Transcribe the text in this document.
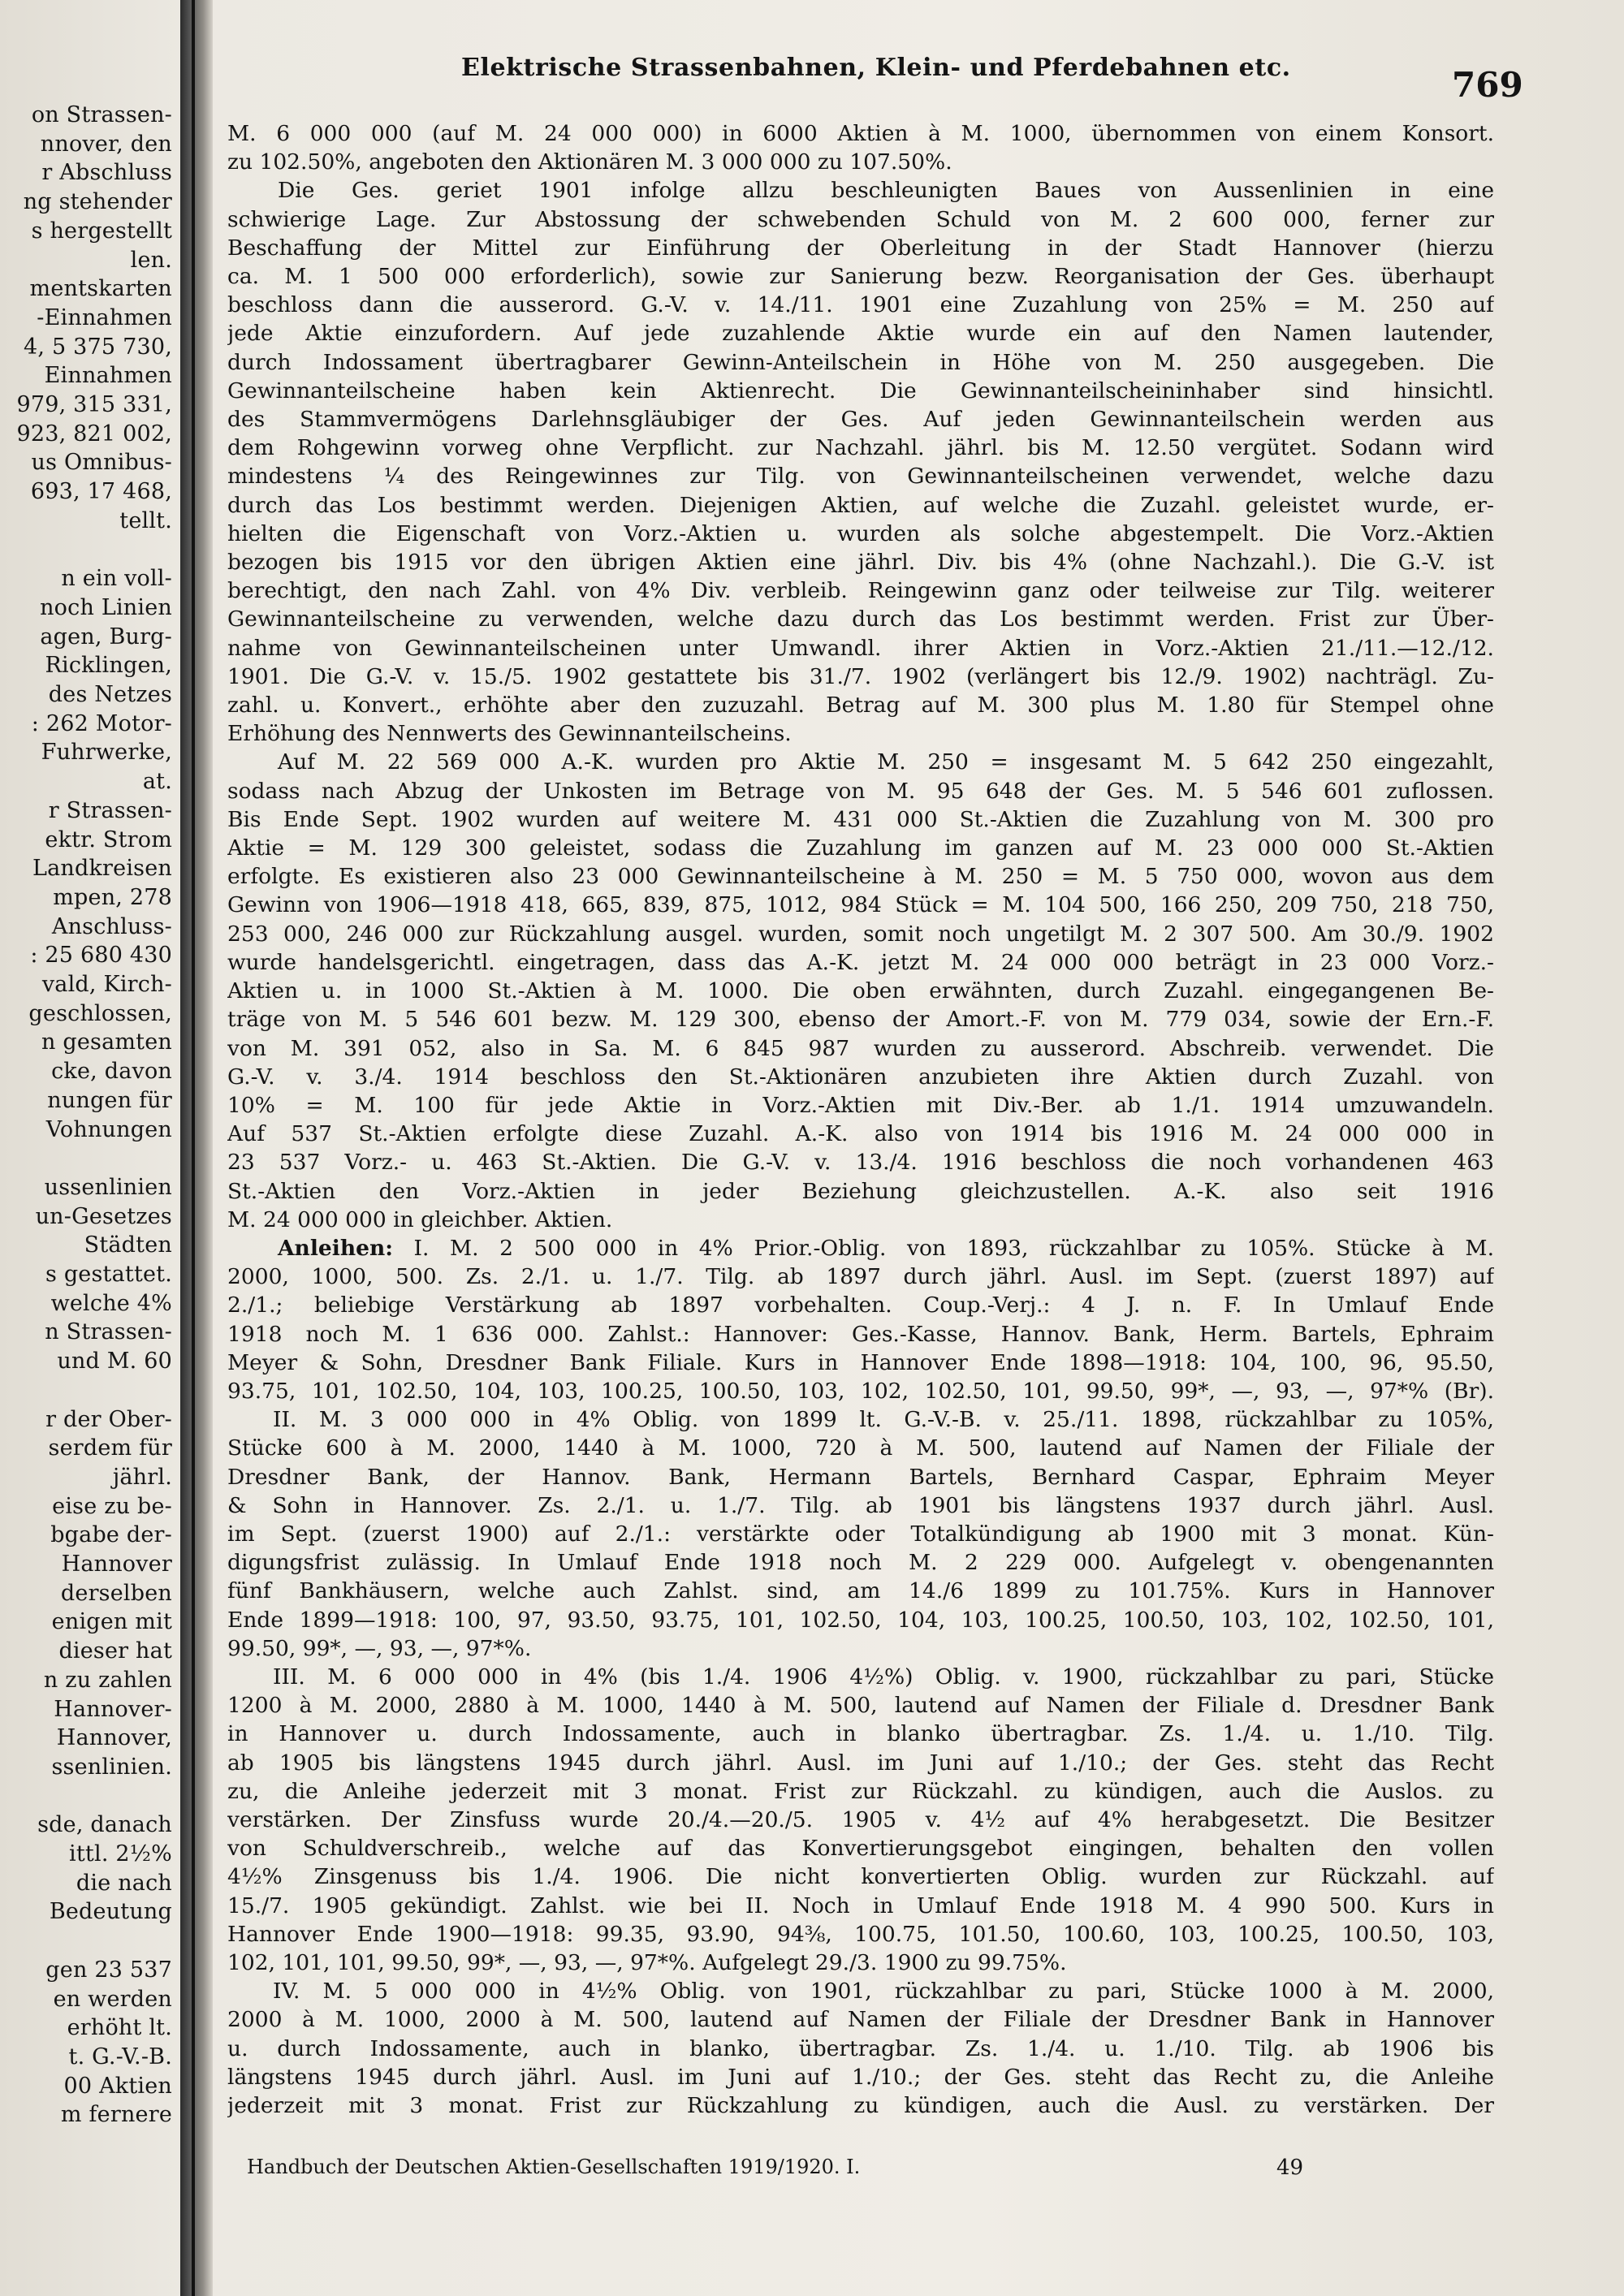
on Strassen-
nnover, den
r Abschluss
ng stehender
s hergestellt
len.
mentskarten
-Einnahmen
4, 5 375 730,
Einnahmen
979, 315 331,
923, 821 002,
us Omnibus-
693, 17 468,
tellt.
n ein voll-
noch Linien
agen, Burg-
Ricklingen,
des Netzes
: 262 Motor-
Fuhrwerke,
at.
r Strassen-
ektr. Strom
Landkreisen
mpen, 278
Anschluss-
: 25 680 430
vald, Kirch-
geschlossen,
n gesamten
cke, davon
nungen für
Vohnungen
ussenlinien
un-Gesetzes
Städten
s gestattet.
welche 4%
n Strassen-
und M. 60
r der Ober-
serdem für
jährl.
eise zu be-
bgabe der-
Hannover
derselben
enigen mit
dieser hat
n zu zahlen
Hannover-
Hannover,
ssenlinien.
sde, danach
ittl. 2½%
die nach
Bedeutung
gen 23 537
en werden
erhöht lt.
t. G.-V.-B.
00 Aktien
m fernere
Elektrische Strassenbahnen, Klein- und Pferdebahnen etc.	769
M. 6 000 000 (auf M. 24 000 000) in 6000 Aktien à M. 1000, übernommen von einem Konsort.
zu 102.50%, angeboten den Aktionären M. 3 000 000 zu 107.50%.
Die Ges. geriet 1901 infolge allzu beschleunigten Baues von Aussenlinien in eine
schwierige Lage. Zur Abstossung der schwebenden Schuld von M. 2 600 000, ferner zur
Beschaffung der Mittel zur Einführung der Oberleitung in der Stadt Hannover (hierzu
ca. M. 1 500 000 erforderlich), sowie zur Sanierung bezw. Reorganisation der Ges. überhaupt
beschloss dann die ausserord. G.-V. v. 14./11. 1901 eine Zuzahlung von 25% = M. 250 auf
jede Aktie einzufordern. Auf jede zuzahlende Aktie wurde ein auf den Namen lautender,
durch Indossament übertragbarer Gewinn-Anteilschein in Höhe von M. 250 ausgegeben. Die
Gewinnanteilscheine haben kein Aktienrecht. Die Gewinnanteilscheininhaber sind hinsichtl.
des Stammvermögens Darlehnsgläubiger der Ges. Auf jeden Gewinnanteilschein werden aus
dem Rohgewinn vorweg ohne Verpflicht. zur Nachzahl. jährl. bis M. 12.50 vergütet. Sodann wird
mindestens ¼ des Reingewinnes zur Tilg. von Gewinnanteilscheinen verwendet, welche dazu
durch das Los bestimmt werden. Diejenigen Aktien, auf welche die Zuzahl. geleistet wurde, er-
hielten die Eigenschaft von Vorz.-Aktien u. wurden als solche abgestempelt. Die Vorz.-Aktien
bezogen bis 1915 vor den übrigen Aktien eine jährl. Div. bis 4% (ohne Nachzahl.). Die G.-V. ist
berechtigt, den nach Zahl. von 4% Div. verbleib. Reingewinn ganz oder teilweise zur Tilg. weiterer
Gewinnanteilscheine zu verwenden, welche dazu durch das Los bestimmt werden. Frist zur Über-
nahme von Gewinnanteilscheinen unter Umwandl. ihrer Aktien in Vorz.-Aktien 21./11.—12./12.
1901. Die G.-V. v. 15./5. 1902 gestattete bis 31./7. 1902 (verlängert bis 12./9. 1902) nachträgl. Zu-
zahl. u. Konvert., erhöhte aber den zuzuzahl. Betrag auf M. 300 plus M. 1.80 für Stempel ohne
Erhöhung des Nennwerts des Gewinnanteilscheins.
Auf M. 22 569 000 A.-K. wurden pro Aktie M. 250 = insgesamt M. 5 642 250 eingezahlt,
sodass nach Abzug der Unkosten im Betrage von M. 95 648 der Ges. M. 5 546 601 zuflossen.
Bis Ende Sept. 1902 wurden auf weitere M. 431 000 St.-Aktien die Zuzahlung von M. 300 pro
Aktie = M. 129 300 geleistet, sodass die Zuzahlung im ganzen auf M. 23 000 000 St.-Aktien
erfolgte. Es existieren also 23 000 Gewinnanteilscheine à M. 250 = M. 5 750 000, wovon aus dem
Gewinn von 1906—1918 418, 665, 839, 875, 1012, 984 Stück = M. 104 500, 166 250, 209 750, 218 750,
253 000, 246 000 zur Rückzahlung ausgel. wurden, somit noch ungetilgt M. 2 307 500. Am 30./9. 1902
wurde handelsgerichtl. eingetragen, dass das A.-K. jetzt M. 24 000 000 beträgt in 23 000 Vorz.-
Aktien u. in 1000 St.-Aktien à M. 1000. Die oben erwähnten, durch Zuzahl. eingegangenen Be-
träge von M. 5 546 601 bezw. M. 129 300, ebenso der Amort.-F. von M. 779 034, sowie der Ern.-F.
von M. 391 052, also in Sa. M. 6 845 987 wurden zu ausserord. Abschreib. verwendet. Die
G.-V. v. 3./4. 1914 beschloss den St.-Aktionären anzubieten ihre Aktien durch Zuzahl. von
10% = M. 100 für jede Aktie in Vorz.-Aktien mit Div.-Ber. ab 1./1. 1914 umzuwandeln.
Auf 537 St.-Aktien erfolgte diese Zuzahl. A.-K. also von 1914 bis 1916 M. 24 000 000 in
23 537 Vorz.- u. 463 St.-Aktien. Die G.-V. v. 13./4. 1916 beschloss die noch vorhandenen 463
St.-Aktien den Vorz.-Aktien in jeder Beziehung gleichzustellen. A.-K. also seit 1916
M. 24 000 000 in gleichber. Aktien.
Anleihen: I. M. 2 500 000 in 4% Prior.-Oblig. von 1893, rückzahlbar zu 105%. Stücke à M.
2000, 1000, 500. Zs. 2./1. u. 1./7. Tilg. ab 1897 durch jährl. Ausl. im Sept. (zuerst 1897) auf
2./1.; beliebige Verstärkung ab 1897 vorbehalten. Coup.-Verj.: 4 J. n. F. In Umlauf Ende
1918 noch M. 1 636 000. Zahlst.: Hannover: Ges.-Kasse, Hannov. Bank, Herm. Bartels, Ephraim
Meyer & Sohn, Dresdner Bank Filiale. Kurs in Hannover Ende 1898—1918: 104, 100, 96, 95.50,
93.75, 101, 102.50, 104, 103, 100.25, 100.50, 103, 102, 102.50, 101, 99.50, 99*, —, 93, —, 97*% (Br).
II. M. 3 000 000 in 4% Oblig. von 1899 lt. G.-V.-B. v. 25./11. 1898, rückzahlbar zu 105%,
Stücke 600 à M. 2000, 1440 à M. 1000, 720 à M. 500, lautend auf Namen der Filiale der
Dresdner Bank, der Hannov. Bank, Hermann Bartels, Bernhard Caspar, Ephraim Meyer
& Sohn in Hannover. Zs. 2./1. u. 1./7. Tilg. ab 1901 bis längstens 1937 durch jährl. Ausl.
im Sept. (zuerst 1900) auf 2./1.: verstärkte oder Totalkündigung ab 1900 mit 3 monat. Kün-
digungsfrist zulässig. In Umlauf Ende 1918 noch M. 2 229 000. Aufgelegt v. obengenannten
fünf Bankhäusern, welche auch Zahlst. sind, am 14./6 1899 zu 101.75%. Kurs in Hannover
Ende 1899—1918: 100, 97, 93.50, 93.75, 101, 102.50, 104, 103, 100.25, 100.50, 103, 102, 102.50, 101,
99.50, 99*, —, 93, —, 97*%.
III. M. 6 000 000 in 4% (bis 1./4. 1906 4½%) Oblig. v. 1900, rückzahlbar zu pari, Stücke
1200 à M. 2000, 2880 à M. 1000, 1440 à M. 500, lautend auf Namen der Filiale d. Dresdner Bank
in Hannover u. durch Indossamente, auch in blanko übertragbar. Zs. 1./4. u. 1./10. Tilg.
ab 1905 bis längstens 1945 durch jährl. Ausl. im Juni auf 1./10.; der Ges. steht das Recht
zu, die Anleihe jederzeit mit 3 monat. Frist zur Rückzahl. zu kündigen, auch die Auslos. zu
verstärken. Der Zinsfuss wurde 20./4.—20./5. 1905 v. 4½ auf 4% herabgesetzt. Die Besitzer
von Schuldverschreib., welche auf das Konvertierungsgebot eingingen, behalten den vollen
4½% Zinsgenuss bis 1./4. 1906. Die nicht konvertierten Oblig. wurden zur Rückzahl. auf
15./7. 1905 gekündigt. Zahlst. wie bei II. Noch in Umlauf Ende 1918 M. 4 990 500. Kurs in
Hannover Ende 1900—1918: 99.35, 93.90, 94⅜, 100.75, 101.50, 100.60, 103, 100.25, 100.50, 103,
102, 101, 101, 99.50, 99*, —, 93, —, 97*%. Aufgelegt 29./3. 1900 zu 99.75%.
IV. M. 5 000 000 in 4½% Oblig. von 1901, rückzahlbar zu pari, Stücke 1000 à M. 2000,
2000 à M. 1000, 2000 à M. 500, lautend auf Namen der Filiale der Dresdner Bank in Hannover
u. durch Indossamente, auch in blanko, übertragbar. Zs. 1./4. u. 1./10. Tilg. ab 1906 bis
längstens 1945 durch jährl. Ausl. im Juni auf 1./10.; der Ges. steht das Recht zu, die Anleihe
jederzeit mit 3 monat. Frist zur Rückzahlung zu kündigen, auch die Ausl. zu verstärken. Der
Handbuch der Deutschen Aktien-Gesellschaften 1919/1920. I.	49
